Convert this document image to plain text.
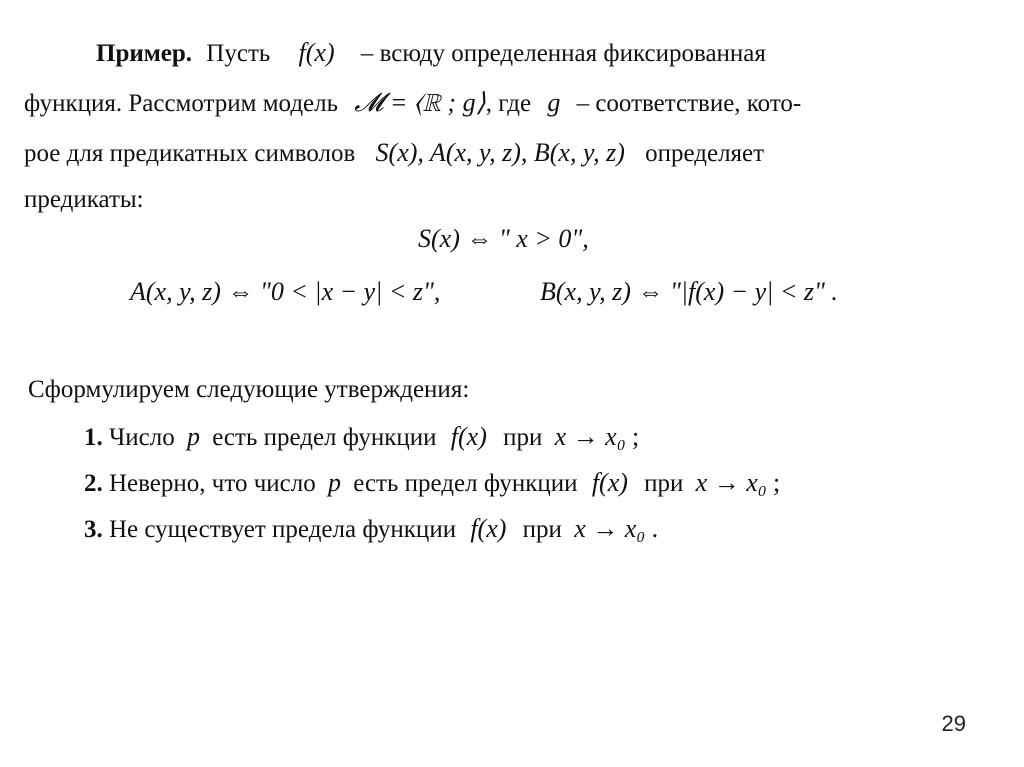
Пример. Пусть f(x) – всюду определенная фиксированная
функция. Рассмотрим модель 𝓜 = ⟨ℝ ; g⟩, где g – соответствие, кото-
рое для предикатных символов S(x), A(x, y, z), B(x, y, z) определяет
предикаты:
S(x) ⇔ " x > 0",
A(x, y, z) ⇔ "0 < |x − y| < z",	B(x, y, z) ⇔ "|f(x) − y| < z" .
Сформулируем следующие утверждения:
1. Число p есть предел функции f(x) при x → x₀ ;
2. Неверно, что число p есть предел функции f(x) при x → x₀ ;
3. Не существует предела функции f(x) при x → x₀ .
29
